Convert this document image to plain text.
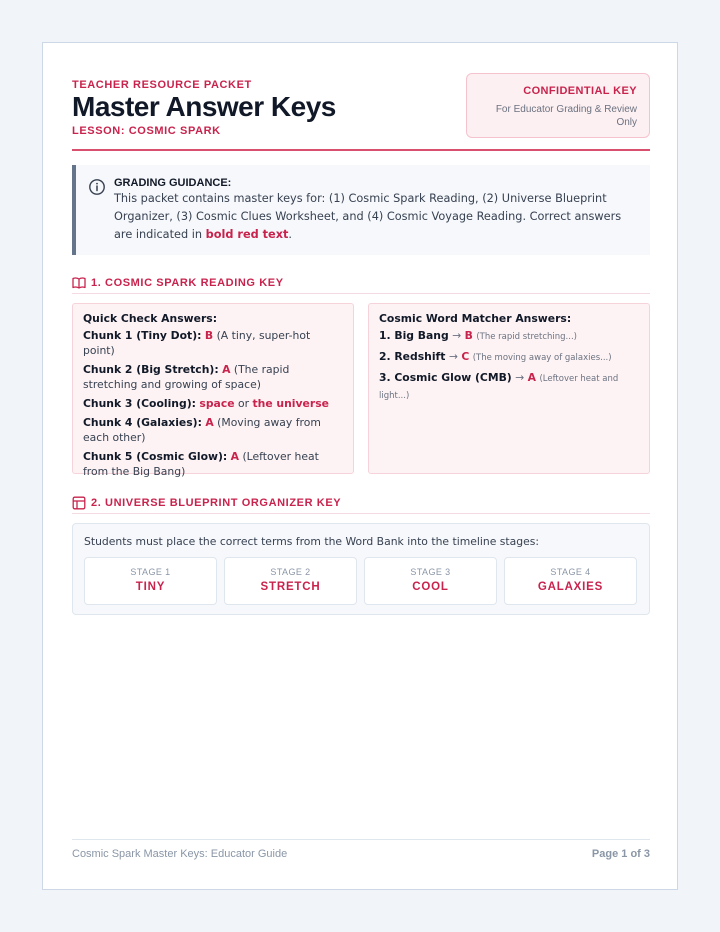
TEACHER RESOURCE PACKET
Master Answer Keys
LESSON: COSMIC SPARK
CONFIDENTIAL KEY
For Educator Grading & Review Only
GRADING GUIDANCE:
This packet contains master keys for: (1) Cosmic Spark Reading, (2) Universe Blueprint Organizer, (3) Cosmic Clues Worksheet, and (4) Cosmic Voyage Reading. Correct answers are indicated in bold red text.
1. COSMIC SPARK READING KEY
Quick Check Answers:
Chunk 1 (Tiny Dot): B (A tiny, super-hot point)
Chunk 2 (Big Stretch): A (The rapid stretching and growing of space)
Chunk 3 (Cooling): space or the universe
Chunk 4 (Galaxies): A (Moving away from each other)
Chunk 5 (Cosmic Glow): A (Leftover heat from the Big Bang)
Cosmic Word Matcher Answers:
1. Big Bang → B (The rapid stretching...)
2. Redshift → C (The moving away of galaxies...)
3. Cosmic Glow (CMB) → A (Leftover heat and light...)
2. UNIVERSE BLUEPRINT ORGANIZER KEY
Students must place the correct terms from the Word Bank into the timeline stages:
STAGE 1
TINY
STAGE 2
STRETCH
STAGE 3
COOL
STAGE 4
GALAXIES
Cosmic Spark Master Keys: Educator Guide	Page 1 of 3
